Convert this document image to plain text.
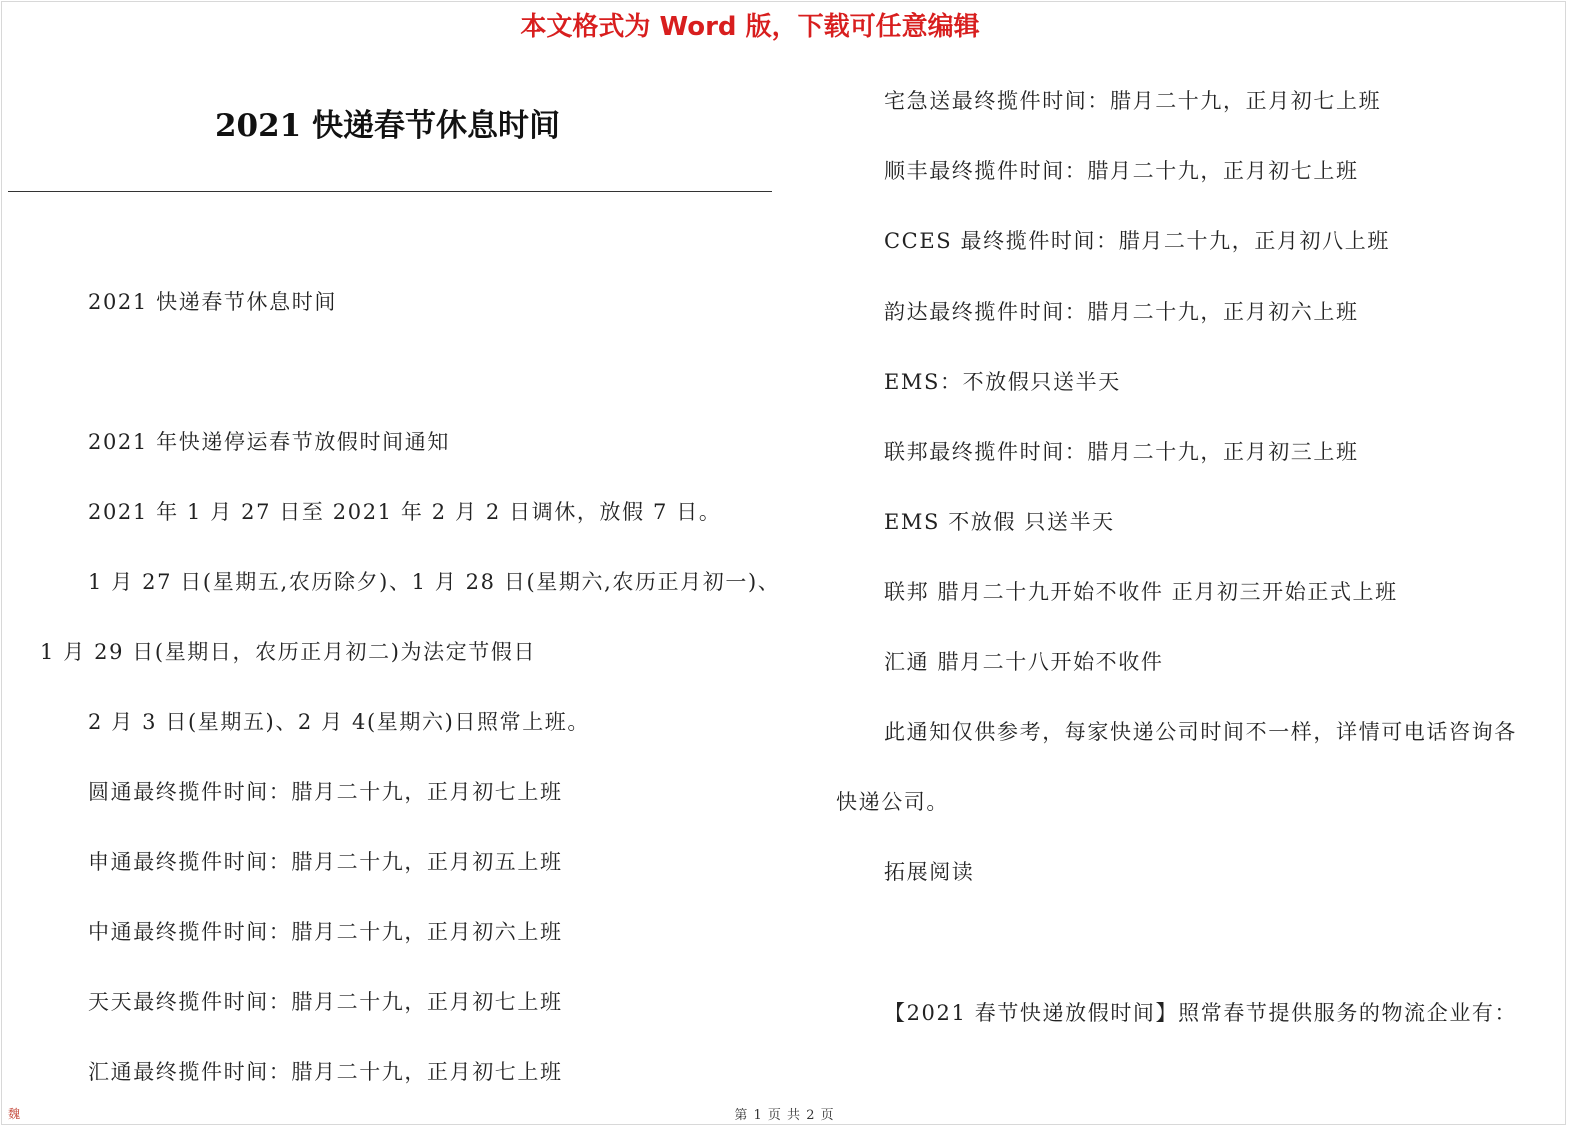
本文格式为 Word 版，下载可任意编辑
2021 快递春节休息时间
2021 快递春节休息时间
2021 年快递停运春节放假时间通知
2021 年 1 月 27 日至 2021 年 2 月 2 日调休，放假 7 日。
1 月 27 日(星期五,农历除夕)、1 月 28 日(星期六,农历正月初一)、
1 月 29 日(星期日，农历正月初二)为法定节假日
2 月 3 日(星期五)、2 月 4(星期六)日照常上班。
圆通最终揽件时间：腊月二十九，正月初七上班
申通最终揽件时间：腊月二十九，正月初五上班
中通最终揽件时间：腊月二十九，正月初六上班
天天最终揽件时间：腊月二十九，正月初七上班
汇通最终揽件时间：腊月二十九，正月初七上班
宅急送最终揽件时间：腊月二十九，正月初七上班
顺丰最终揽件时间：腊月二十九，正月初七上班
CCES 最终揽件时间：腊月二十九，正月初八上班
韵达最终揽件时间：腊月二十九，正月初六上班
EMS：不放假只送半天
联邦最终揽件时间：腊月二十九，正月初三上班
EMS 不放假 只送半天
联邦 腊月二十九开始不收件 正月初三开始正式上班
汇通 腊月二十八开始不收件
此通知仅供参考，每家快递公司时间不一样，详情可电话咨询各
快递公司。
拓展阅读
【2021 春节快递放假时间】照常春节提供服务的物流企业有：
魏	第 1 页 共 2 页
